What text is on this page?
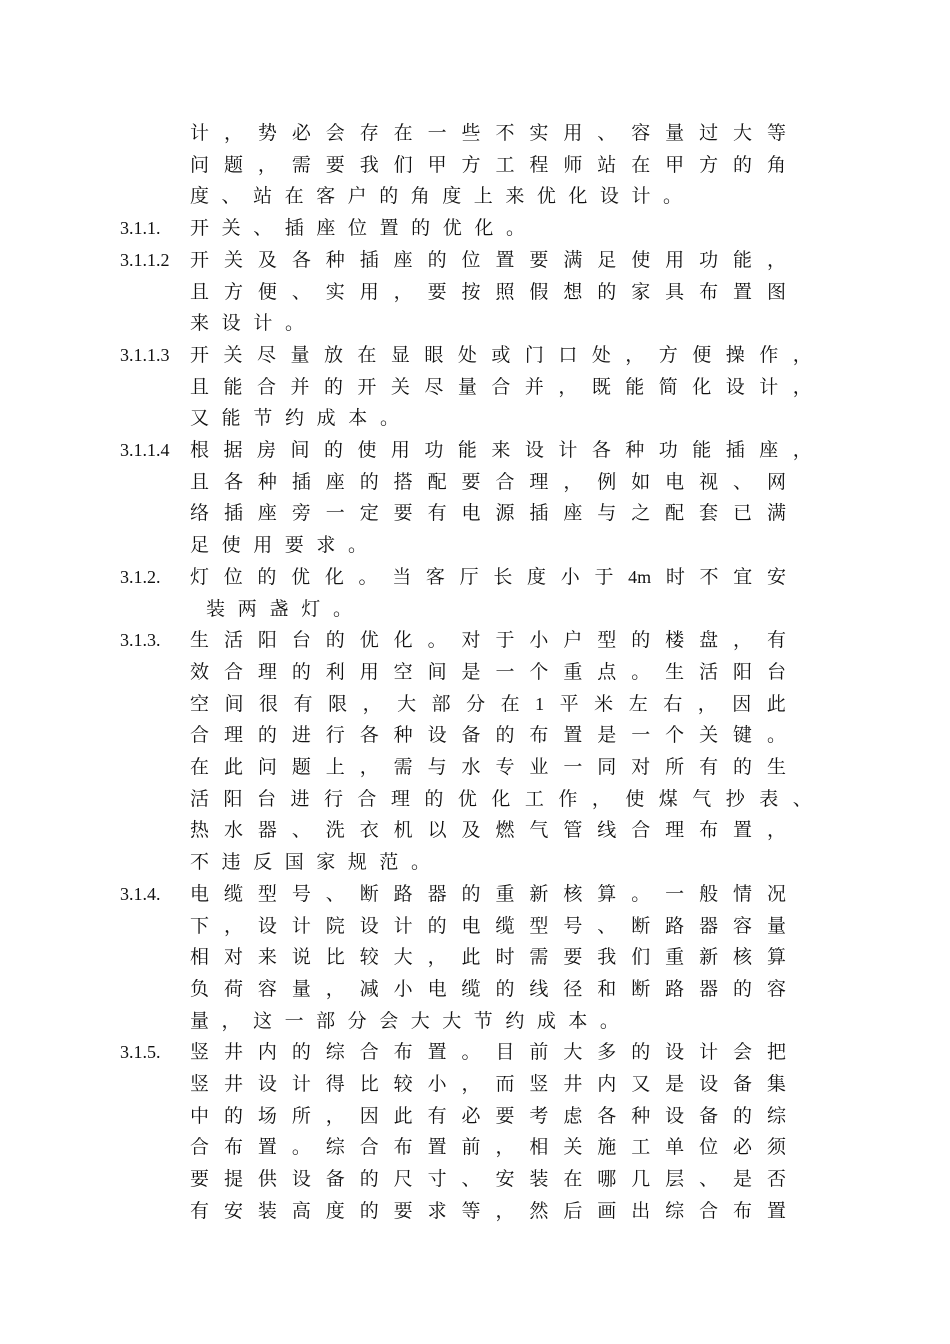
计 ， 势 必 会 存 在 一 些 不 实 用 、 容 量 过 大 等
问 题 ， 需 要 我 们 甲 方 工 程 师 站 在 甲 方 的 角
度 、 站 在 客 户 的 角 度 上 来 优 化 设 计 。
3.1.1. 开 关 、 插 座 位 置 的 优 化 。
3.1.1.2 开 关 及 各 种 插 座 的 位 置 要 满 足 使 用 功 能 ，
且 方 便 、 实 用 ， 要 按 照 假 想 的 家 具 布 置 图
来 设 计 。
3.1.1.3 开 关 尽 量 放 在 显 眼 处 或 门 口 处 ， 方 便 操 作 ，
且 能 合 并 的 开 关 尽 量 合 并 ， 既 能 简 化 设 计 ，
又 能 节 约 成 本 。
3.1.1.4 根 据 房 间 的 使 用 功 能 来 设 计 各 种 功 能 插 座 ，
且 各 种 插 座 的 搭 配 要 合 理 ， 例 如 电 视 、 网
络 插 座 旁 一 定 要 有 电 源 插 座 与 之 配 套 已 满
足 使 用 要 求 。
3.1.2. 灯 位 的 优 化 。 当 客 厅 长 度 小 于 4m 时 不 宜 安
装 两 盏 灯 。
3.1.3. 生 活 阳 台 的 优 化 。 对 于 小 户 型 的 楼 盘 ， 有
效 合 理 的 利 用 空 间 是 一 个 重 点 。 生 活 阳 台
空 间 很 有 限 ， 大 部 分 在 1 平 米 左 右 ， 因 此
合 理 的 进 行 各 种 设 备 的 布 置 是 一 个 关 键 。
在 此 问 题 上 ， 需 与 水 专 业 一 同 对 所 有 的 生
活 阳 台 进 行 合 理 的 优 化 工 作 ， 使 煤 气 抄 表 、
热 水 器 、 洗 衣 机 以 及 燃 气 管 线 合 理 布 置 ，
不 违 反 国 家 规 范 。
3.1.4. 电 缆 型 号 、 断 路 器 的 重 新 核 算 。 一 般 情 况
下 ， 设 计 院 设 计 的 电 缆 型 号 、 断 路 器 容 量
相 对 来 说 比 较 大 ， 此 时 需 要 我 们 重 新 核 算
负 荷 容 量 ， 减 小 电 缆 的 线 径 和 断 路 器 的 容
量 ， 这 一 部 分 会 大 大 节 约 成 本 。
3.1.5. 竖 井 内 的 综 合 布 置 。 目 前 大 多 的 设 计 会 把
竖 井 设 计 得 比 较 小 ， 而 竖 井 内 又 是 设 备 集
中 的 场 所 ， 因 此 有 必 要 考 虑 各 种 设 备 的 综
合 布 置 。 综 合 布 置 前 ， 相 关 施 工 单 位 必 须
要 提 供 设 备 的 尺 寸 、 安 装 在 哪 几 层 、 是 否
有 安 装 高 度 的 要 求 等 ， 然 后 画 出 综 合 布 置
